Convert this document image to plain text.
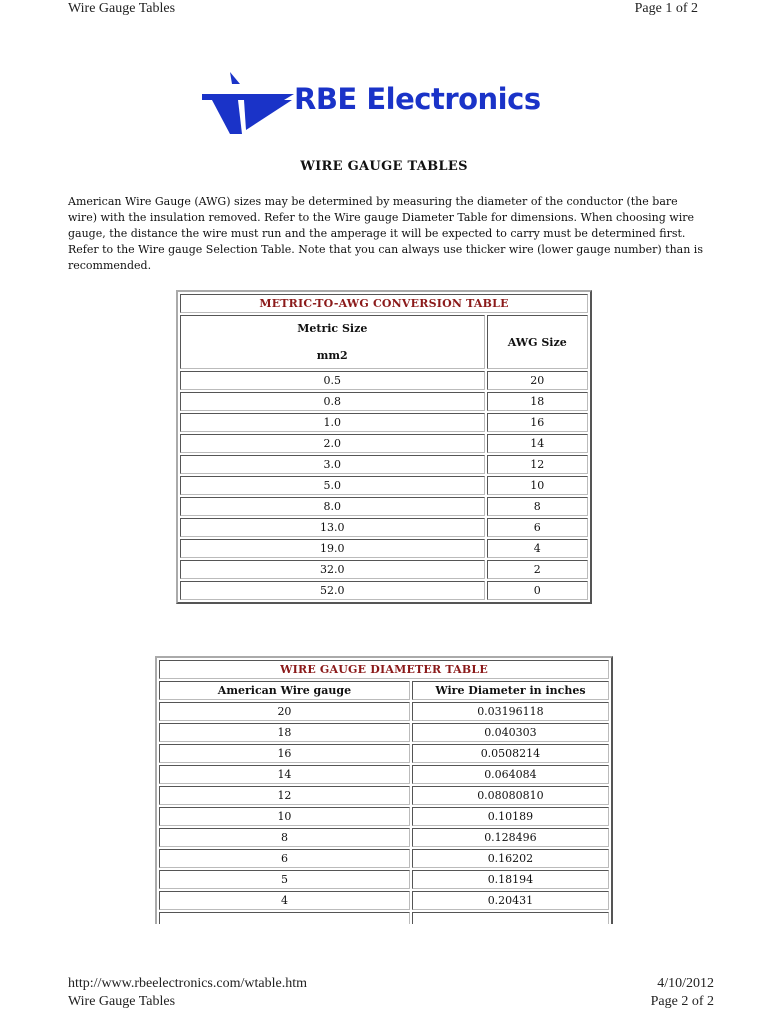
Wire Gauge Tables	Page 1 of 2
RBE Electronics
WIRE GAUGE TABLES

American Wire Gauge (AWG) sizes may be determined by measuring the diameter of the conductor (the bare wire) with the insulation removed. Refer to the Wire gauge Diameter Table for dimensions. When choosing wire gauge, the distance the wire must run and the amperage it will be expected to carry must be determined first. Refer to the Wire gauge Selection Table. Note that you can always use thicker wire (lower gauge number) than is recommended.

METRIC-TO-AWG CONVERSION TABLE	

Metric Size
mm2	AWG Size
0.5	20
0.8	18
1.0	16
2.0	14
3.0	12
5.0	10
8.0	8
13.0	6
19.0	4
32.0	2
52.0	0
WIRE GAUGE DIAMETER TABLE	
American Wire gauge	Wire Diameter in inches
20	0.03196118
18	0.040303
16	0.0508214
14	0.064084
12	0.08080810
10	0.10189
8	0.128496
6	0.16202
5	0.18194
4	0.20431

http://www.rbeelectronics.com/wtable.htm	4/10/2012
Wire Gauge Tables	Page 2 of 2
